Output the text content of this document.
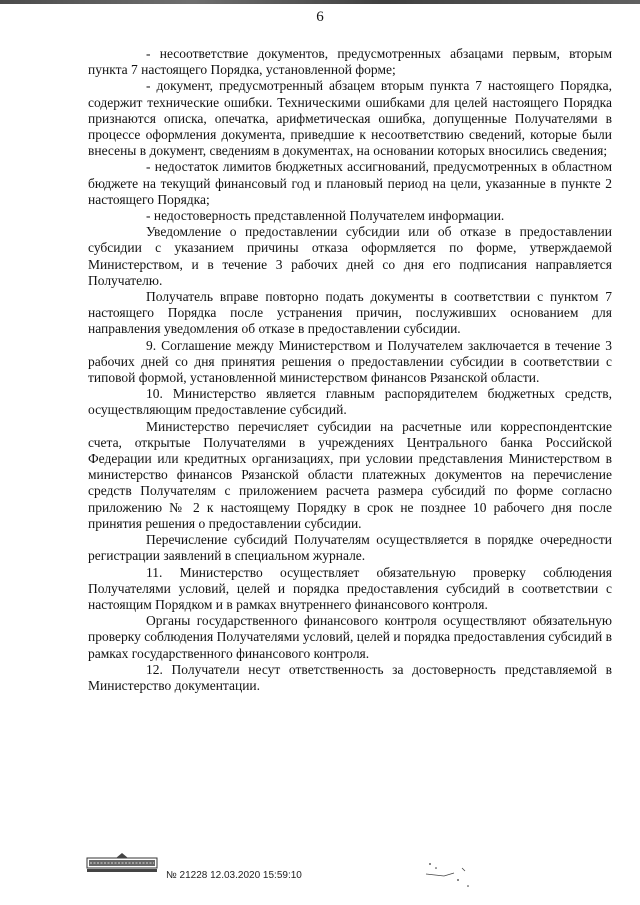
6

- несоответствие документов, предусмотренных абзацами первым, вторым пункта 7 настоящего Порядка, установленной форме;

- документ, предусмотренный абзацем вторым пункта 7 настоящего Порядка, содержит технические ошибки. Техническими ошибками для целей настоящего Порядка признаются описка, опечатка, арифметическая ошибка, допущенные Получателями в процессе оформления документа, приведшие к несоответствию сведений, которые были внесены в документ, сведениям в документах, на основании которых вносились сведения;

- недостаток лимитов бюджетных ассигнований, предусмотренных в областном бюджете на текущий финансовый год и плановый период на цели, указанные в пункте 2 настоящего Порядка;

- недостоверность представленной Получателем информации.

Уведомление о предоставлении субсидии или об отказе в предоставлении субсидии с указанием причины отказа оформляется по форме, утверждаемой Министерством, и в течение 3 рабочих дней со дня его подписания направляется Получателю.

Получатель вправе повторно подать документы в соответствии с пунктом 7 настоящего Порядка после устранения причин, послуживших основанием для направления уведомления об отказе в предоставлении субсидии.

9. Соглашение между Министерством и Получателем заключается в течение 3 рабочих дней со дня принятия решения о предоставлении субсидии в соответствии с типовой формой, установленной министерством финансов Рязанской области.

10. Министерство является главным распорядителем бюджетных средств, осуществляющим предоставление субсидий.

Министерство перечисляет субсидии на расчетные или корреспондентские счета, открытые Получателями в учреждениях Центрального банка Российской Федерации или кредитных организациях, при условии представления Министерством в министерство финансов Рязанской области платежных документов на перечисление средств Получателям с приложением расчета размера субсидий по форме согласно приложению № 2 к настоящему Порядку в срок не позднее 10 рабочего дня после принятия решения о предоставлении субсидии.

Перечисление субсидий Получателям осуществляется в порядке очередности регистрации заявлений в специальном журнале.

11. Министерство осуществляет обязательную проверку соблюдения Получателями условий, целей и порядка предоставления субсидий в соответствии с настоящим Порядком и в рамках внутреннего финансового контроля.

Органы государственного финансового контроля осуществляют обязательную проверку соблюдения Получателями условий, целей и порядка предоставления субсидий в рамках государственного финансового контроля.

12. Получатели несут ответственность за достоверность представляемой в Министерство документации.

№ 21228 12.03.2020 15:59:10
